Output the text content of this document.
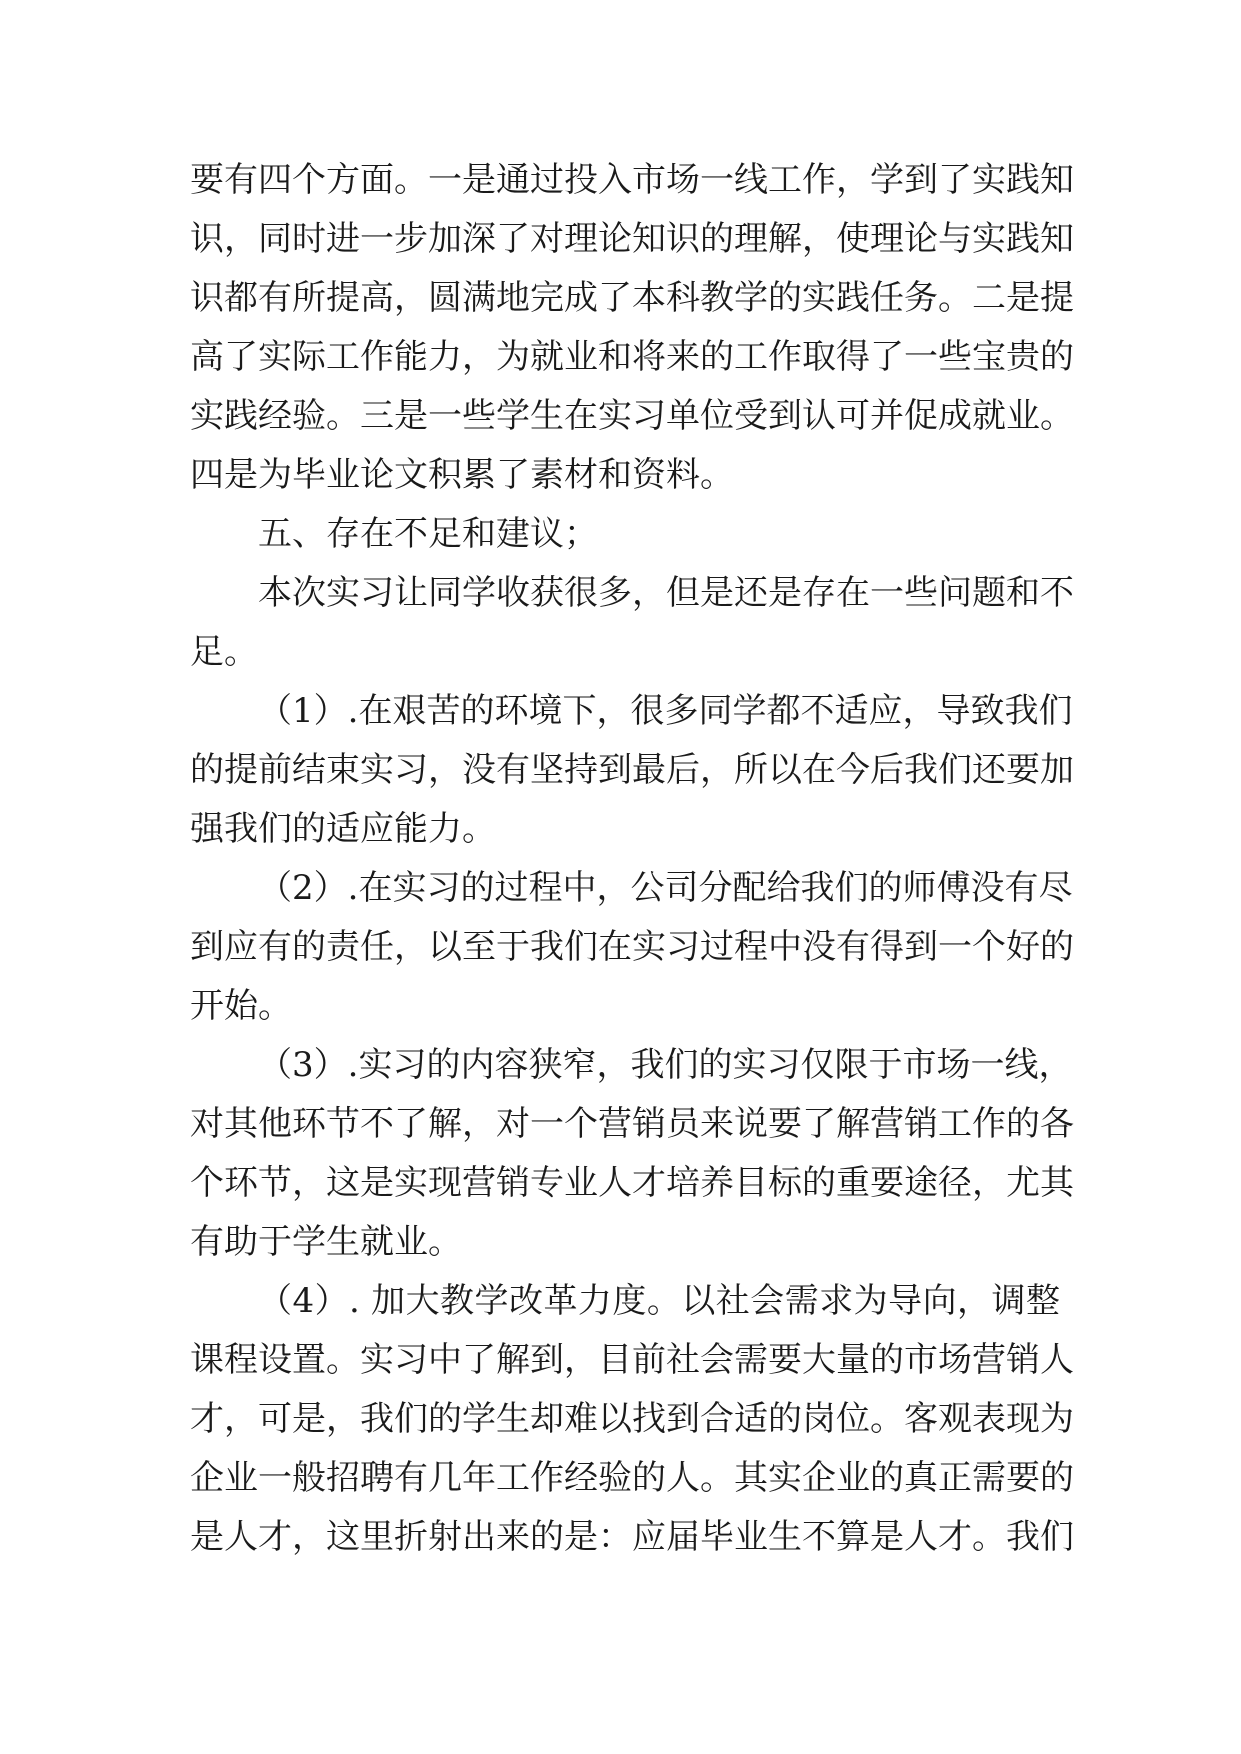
要有四个方面。一是通过投入市场一线工作，学到了实践知
识，同时进一步加深了对理论知识的理解，使理论与实践知
识都有所提高，圆满地完成了本科教学的实践任务。二是提
高了实际工作能力，为就业和将来的工作取得了一些宝贵的
实践经验。三是一些学生在实习单位受到认可并促成就业。
四是为毕业论文积累了素材和资料。
五、存在不足和建议；
本次实习让同学收获很多，但是还是存在一些问题和不
足。
（1）.在艰苦的环境下，很多同学都不适应，导致我们
的提前结束实习，没有坚持到最后，所以在今后我们还要加
强我们的适应能力。
（2）.在实习的过程中，公司分配给我们的师傅没有尽
到应有的责任，以至于我们在实习过程中没有得到一个好的
开始。
（3）.实习的内容狭窄，我们的实习仅限于市场一线，
对其他环节不了解，对一个营销员来说要了解营销工作的各
个环节，这是实现营销专业人才培养目标的重要途径，尤其
有助于学生就业。
（4）. 加大教学改革力度。以社会需求为导向，调整
课程设置。实习中了解到，目前社会需要大量的市场营销人
才，可是，我们的学生却难以找到合适的岗位。客观表现为
企业一般招聘有几年工作经验的人。其实企业的真正需要的
是人才，这里折射出来的是：应届毕业生不算是人才。我们
